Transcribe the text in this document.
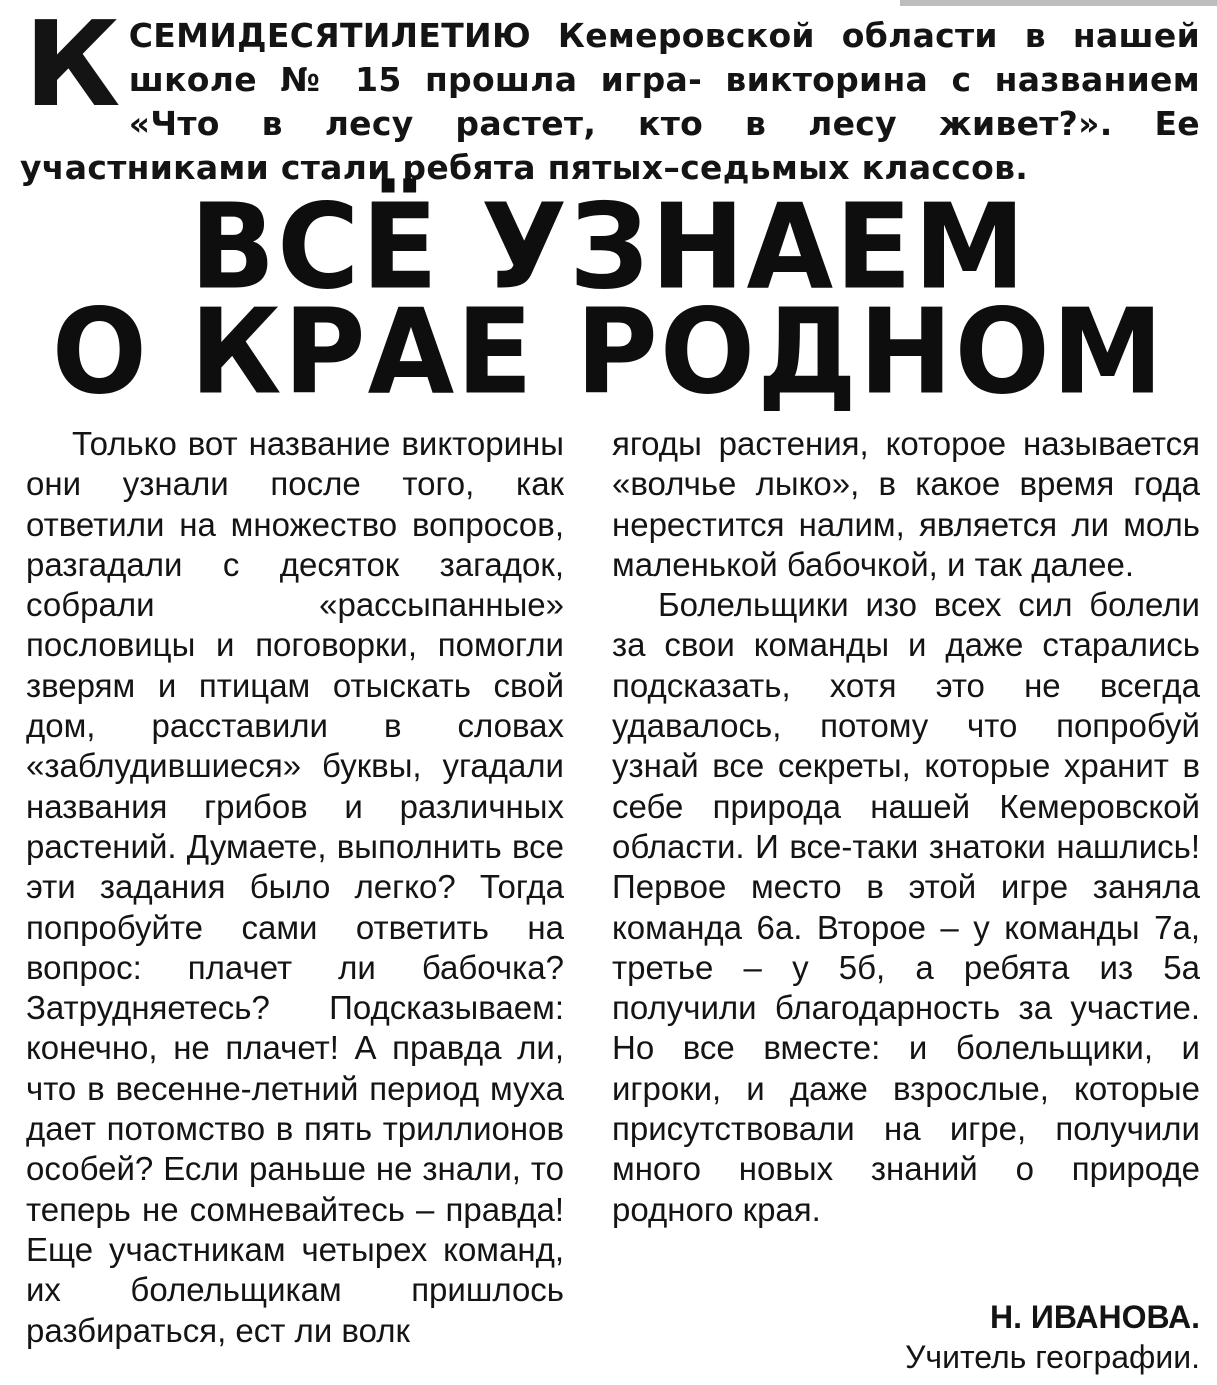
К СЕМИДЕСЯТИЛЕТИЮ Кемеровской области в нашей школе № 15 прошла игра- викторина с названием «Что в лесу растет, кто в лесу живет?». Ее участниками стали ребята пятых–седьмых классов.
ВСЁ УЗНАЕМ
О КРАЕ РОДНОМ

Только вот название викторины они узнали после того, как ответили на множество вопросов, разгадали с десяток загадок, собрали «рассыпанные» пословицы и поговорки, помогли зверям и птицам отыскать свой дом, расставили в словах «заблудившиеся» буквы, угадали названия грибов и различных растений. Думаете, выполнить все эти задания было легко? Тогда попробуйте сами ответить на вопрос: плачет ли бабочка? Затрудняетесь? Подсказываем: конечно, не плачет! А правда ли, что в весенне-летний период муха дает потомство в пять триллионов особей? Если раньше не знали, то теперь не сомневайтесь – правда! Еще участникам четырех команд, их болельщикам пришлось разбираться, ест ли волк

ягоды растения, которое называется «волчье лыко», в какое время года нерестится налим, является ли моль маленькой бабочкой, и так далее.

Болельщики изо всех сил болели за свои команды и даже старались подсказать, хотя это не всегда удавалось, потому что попробуй узнай все секреты, которые хранит в себе природа нашей Кемеровской области. И все-таки знатоки нашлись! Первое место в этой игре заняла команда 6а. Второе – у команды 7а, третье – у 5б, а ребята из 5а получили благодарность за участие. Но все вместе: и болельщики, и игроки, и даже взрослые, которые присутствовали на игре, получили много новых знаний о природе родного края.

Н. ИВАНОВА.
Учитель географии.
